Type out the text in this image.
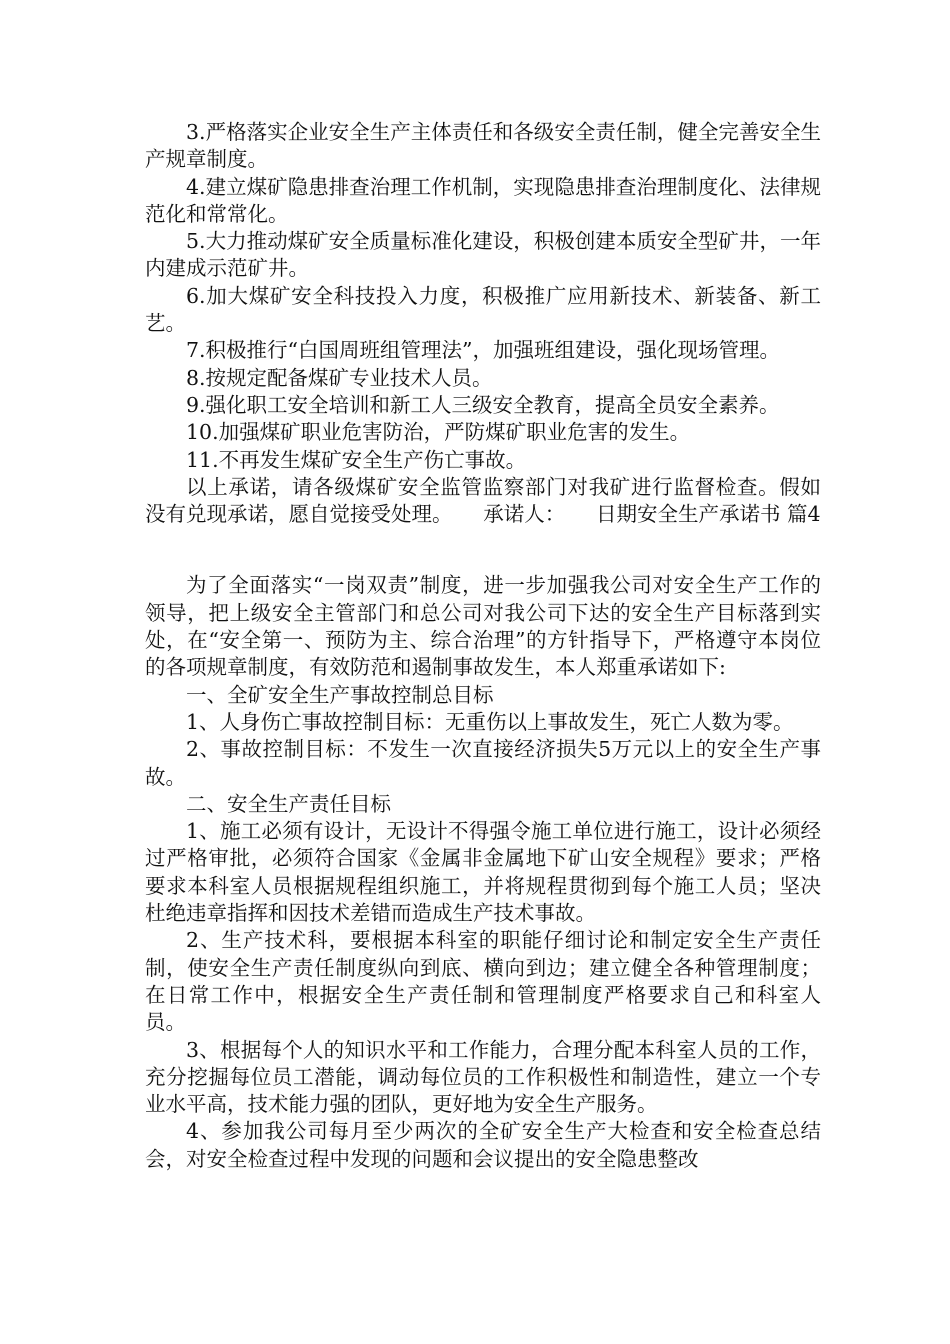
3.严格落实企业安全生产主体责任和各级安全责任制，健全完善安全生产规章制度。

4.建立煤矿隐患排查治理工作机制，实现隐患排查治理制度化、法律规范化和常常化。

5.大力推动煤矿安全质量标准化建设，积极创建本质安全型矿井，一年内建成示范矿井。

6.加大煤矿安全科技投入力度，积极推广应用新技术、新装备、新工艺。

7.积极推行“白国周班组管理法”，加强班组建设，强化现场管理。

8.按规定配备煤矿专业技术人员。

9.强化职工安全培训和新工人三级安全教育，提高全员安全素养。

10.加强煤矿职业危害防治，严防煤矿职业危害的发生。

11.不再发生煤矿安全生产伤亡事故。

以上承诺，请各级煤矿安全监管监察部门对我矿进行监督检查。假如没有兑现承诺，愿自觉接受处理。　　承诺人：　　日期安全生产承诺书 篇4

为了全面落实“一岗双责”制度，进一步加强我公司对安全生产工作的领导，把上级安全主管部门和总公司对我公司下达的安全生产目标落到实处，在“安全第一、预防为主、综合治理”的方针指导下，严格遵守本岗位的各项规章制度，有效防范和遏制事故发生，本人郑重承诺如下:

一、全矿安全生产事故控制总目标

1、人身伤亡事故控制目标：无重伤以上事故发生，死亡人数为零。

2、事故控制目标：不发生一次直接经济损失5万元以上的安全生产事故。

二、安全生产责任目标

1、施工必须有设计，无设计不得强令施工单位进行施工，设计必须经过严格审批，必须符合国家《金属非金属地下矿山安全规程》要求；严格要求本科室人员根据规程组织施工，并将规程贯彻到每个施工人员；坚决杜绝违章指挥和因技术差错而造成生产技术事故。

2、生产技术科，要根据本科室的职能仔细讨论和制定安全生产责任制，使安全生产责任制度纵向到底、横向到边；建立健全各种管理制度；在日常工作中，根据安全生产责任制和管理制度严格要求自己和科室人员。

3、根据每个人的知识水平和工作能力，合理分配本科室人员的工作，充分挖掘每位员工潜能，调动每位员的工作积极性和制造性，建立一个专业水平高，技术能力强的团队，更好地为安全生产服务。

4、参加我公司每月至少两次的全矿安全生产大检查和安全检查总结会，对安全检查过程中发现的问题和会议提出的安全隐患整改
